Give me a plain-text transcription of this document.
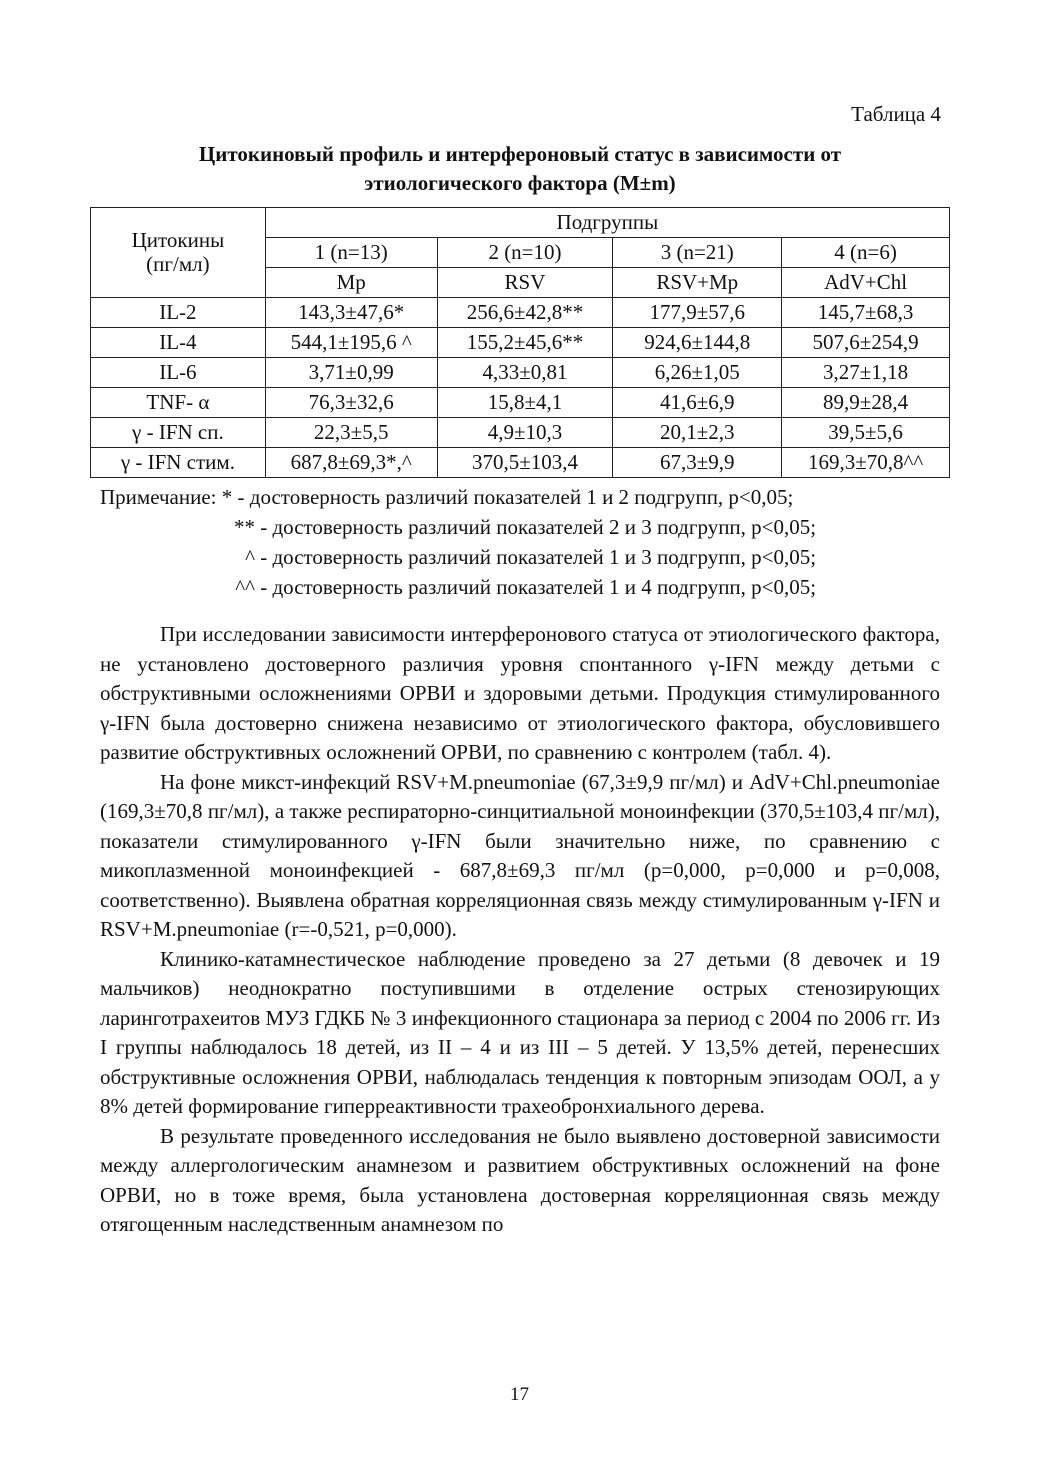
Таблица 4
Цитокиновый профиль и интерфероновый статус в зависимости от
этиологического фактора (M±m)
Цитокины
(пг/мл)	Подгруппы			
	1 (n=13)	2 (n=10)	3 (n=21)	4 (n=6)
	Mp	RSV	RSV+Mp	AdV+Chl
IL-2	143,3±47,6*	256,6±42,8**	177,9±57,6	145,7±68,3
IL-4	544,1±195,6 ^	155,2±45,6**	924,6±144,8	507,6±254,9
IL-6	3,71±0,99	4,33±0,81	6,26±1,05	3,27±1,18
TNF- α	76,3±32,6	15,8±4,1	41,6±6,9	89,9±28,4
γ - IFN сп.	22,3±5,5	4,9±10,3	20,1±2,3	39,5±5,6
γ - IFN стим.	687,8±69,3*,^	370,5±103,4	67,3±9,9	169,3±70,8^^
Примечание: * - достоверность различий показателей 1 и 2 подгрупп, р<0,05;
** - достоверность различий показателей 2 и 3 подгрупп, р<0,05;
^ - достоверность различий показателей 1 и 3 подгрупп, р<0,05;
^^ - достоверность различий показателей 1 и 4 подгрупп, р<0,05;

При исследовании зависимости интерферонового статуса от этиологического фактора, не установлено достоверного различия уровня спонтанного γ-IFN между детьми с обструктивными осложнениями ОРВИ и здоровыми детьми. Продукция стимулированного γ-IFN была достоверно снижена независимо от этиологического фактора, обусловившего развитие обструктивных осложнений ОРВИ, по сравнению с контролем (табл. 4).

На фоне микст-инфекций RSV+M.pneumoniae (67,3±9,9 пг/мл) и AdV+Chl.pneumoniae (169,3±70,8 пг/мл), а также респираторно-синцитиальной моноинфекции (370,5±103,4 пг/мл), показатели стимулированного γ-IFN были значительно ниже, по сравнению с микоплазменной моноинфекцией - 687,8±69,3 пг/мл (р=0,000, р=0,000 и р=0,008, соответственно). Выявлена обратная корреляционная связь между стимулированным γ-IFN и RSV+M.pneumoniae (r=-0,521, р=0,000).

Клинико-катамнестическое наблюдение проведено за 27 детьми (8 девочек и 19 мальчиков) неоднократно поступившими в отделение острых стенозирующих ларинготрахеитов МУЗ ГДКБ № 3 инфекционного стационара за период с 2004 по 2006 гг. Из I группы наблюдалось 18 детей, из II – 4 и из III – 5 детей. У 13,5% детей, перенесших обструктивные осложнения ОРВИ, наблюдалась тенденция к повторным эпизодам ООЛ, а у 8% детей формирование гиперреактивности трахеобронхиального дерева.

В результате проведенного исследования не было выявлено достоверной зависимости между аллергологическим анамнезом и развитием обструктивных осложнений на фоне ОРВИ, но в тоже время, была установлена достоверная корреляционная связь между отягощенным наследственным анамнезом по

17
